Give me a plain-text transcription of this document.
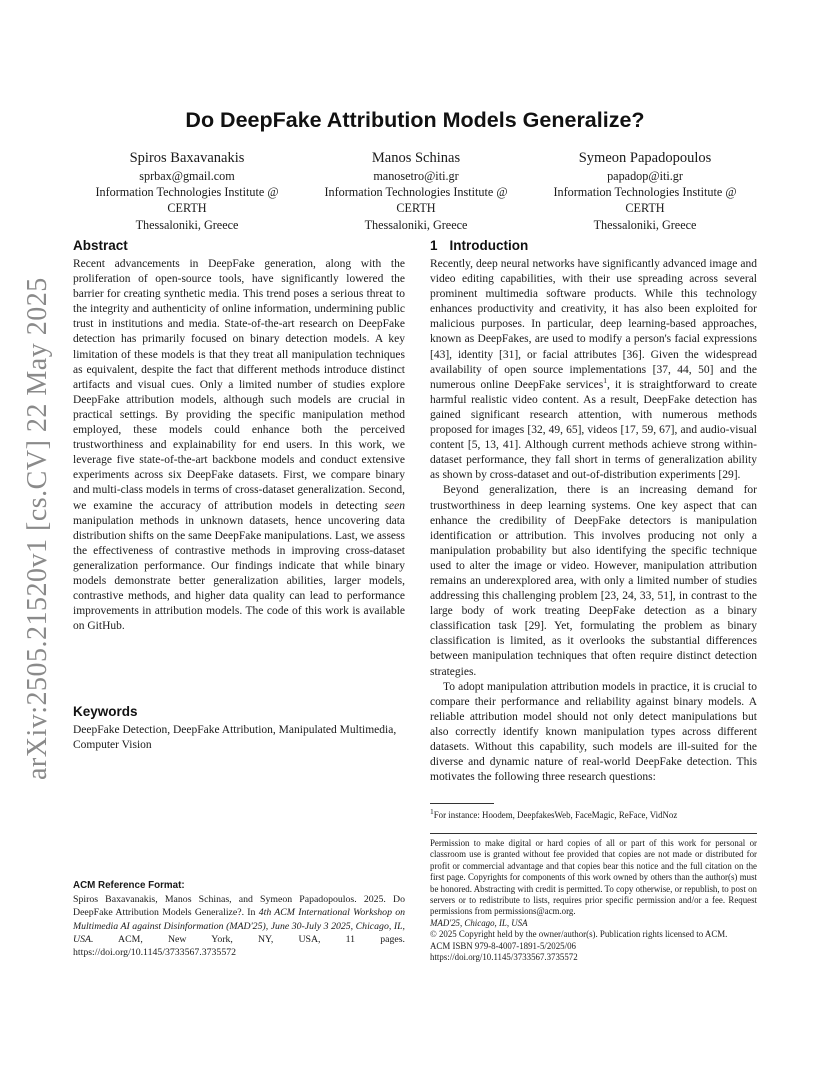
arXiv:2505.21520v1 [cs.CV] 22 May 2025
Do DeepFake Attribution Models Generalize?
Spiros Baxavanakis
sprbax@gmail.com
Information Technologies Institute @ CERTH
Thessaloniki, Greece
Manos Schinas
manosetro@iti.gr
Information Technologies Institute @ CERTH
Thessaloniki, Greece
Symeon Papadopoulos
papadop@iti.gr
Information Technologies Institute @ CERTH
Thessaloniki, Greece
Abstract

Recent advancements in DeepFake generation, along with the proliferation of open-source tools, have significantly lowered the barrier for creating synthetic media. This trend poses a serious threat to the integrity and authenticity of online information, undermining public trust in institutions and media. State-of-the-art research on DeepFake detection has primarily focused on binary detection models. A key limitation of these models is that they treat all manipulation techniques as equivalent, despite the fact that different methods introduce distinct artifacts and visual cues. Only a limited number of studies explore DeepFake attribution models, although such models are crucial in practical settings. By providing the specific manipulation method employed, these models could enhance both the perceived trustworthiness and explainability for end users. In this work, we leverage five state-of-the-art backbone models and conduct extensive experiments across six DeepFake datasets. First, we compare binary and multi-class models in terms of cross-dataset generalization. Second, we examine the accuracy of attribution models in detecting seen manipulation methods in unknown datasets, hence uncovering data distribution shifts on the same DeepFake manipulations. Last, we assess the effectiveness of contrastive methods in improving cross-dataset generalization performance. Our findings indicate that while binary models demonstrate better generalization abilities, larger models, contrastive methods, and higher data quality can lead to performance improvements in attribution models. The code of this work is available on GitHub.

Keywords

DeepFake Detection, DeepFake Attribution, Manipulated Multimedia, Computer Vision

ACM Reference Format:

Spiros Baxavanakis, Manos Schinas, and Symeon Papadopoulos. 2025. Do DeepFake Attribution Models Generalize?. In 4th ACM International Workshop on Multimedia AI against Disinformation (MAD'25), June 30-July 3 2025, Chicago, IL, USA.	ACM, New York, NY, USA, 11 pages. https://doi.org/10.1145/3733567.3735572

1 Introduction

Recently, deep neural networks have significantly advanced image and video editing capabilities, with their use spreading across several prominent multimedia software products. While this technology enhances productivity and creativity, it has also been exploited for malicious purposes. In particular, deep learning-based approaches, known as DeepFakes, are used to modify a person's facial expressions [43], identity [31], or facial attributes [36]. Given the widespread availability of open source implementations [37, 44, 50] and the numerous online DeepFake services$^1$, it is straightforward to create harmful realistic video content. As a result, DeepFake detection has gained significant research attention, with numerous methods proposed for images [32, 49, 65], videos [17, 59, 67], and audio-visual content [5, 13, 41]. Although current methods achieve strong within-dataset performance, they fall short in terms of generalization ability as shown by cross-dataset and out-of-distribution experiments [29].

Beyond generalization, there is an increasing demand for trustworthiness in deep learning systems. One key aspect that can enhance the credibility of DeepFake detectors is manipulation identification or attribution. This involves producing not only a manipulation probability but also identifying the specific technique used to alter the image or video. However, manipulation attribution remains an underexplored area, with only a limited number of studies addressing this challenging problem [23, 24, 33, 51], in contrast to the large body of work treating DeepFake detection as a binary classification task [29]. Yet, formulating the problem as binary classification is limited, as it overlooks the substantial differences between manipulation techniques that often require distinct detection strategies.

To adopt manipulation attribution models in practice, it is crucial to compare their performance and reliability against binary models. A reliable attribution model should not only detect manipulations but also correctly identify known manipulation types across different datasets. Without this capability, such models are ill-suited for the diverse and dynamic nature of real-world DeepFake detection. This motivates the following three research questions:

$^1$For instance: Hoodem, DeepfakesWeb, FaceMagic, ReFace, VidNoz

Permission to make digital or hard copies of all or part of this work for personal or classroom use is granted without fee provided that copies are not made or distributed for profit or commercial advantage and that copies bear this notice and the full citation on the first page. Copyrights for components of this work owned by others than the author(s) must be honored. Abstracting with credit is permitted. To copy otherwise, or republish, to post on servers or to redistribute to lists, requires prior specific permission and/or a fee. Request permissions from permissions@acm.org.

MAD'25, Chicago, IL, USA

© 2025 Copyright held by the owner/author(s). Publication rights licensed to ACM.

ACM ISBN 979-8-4007-1891-5/2025/06

https://doi.org/10.1145/3733567.3735572
